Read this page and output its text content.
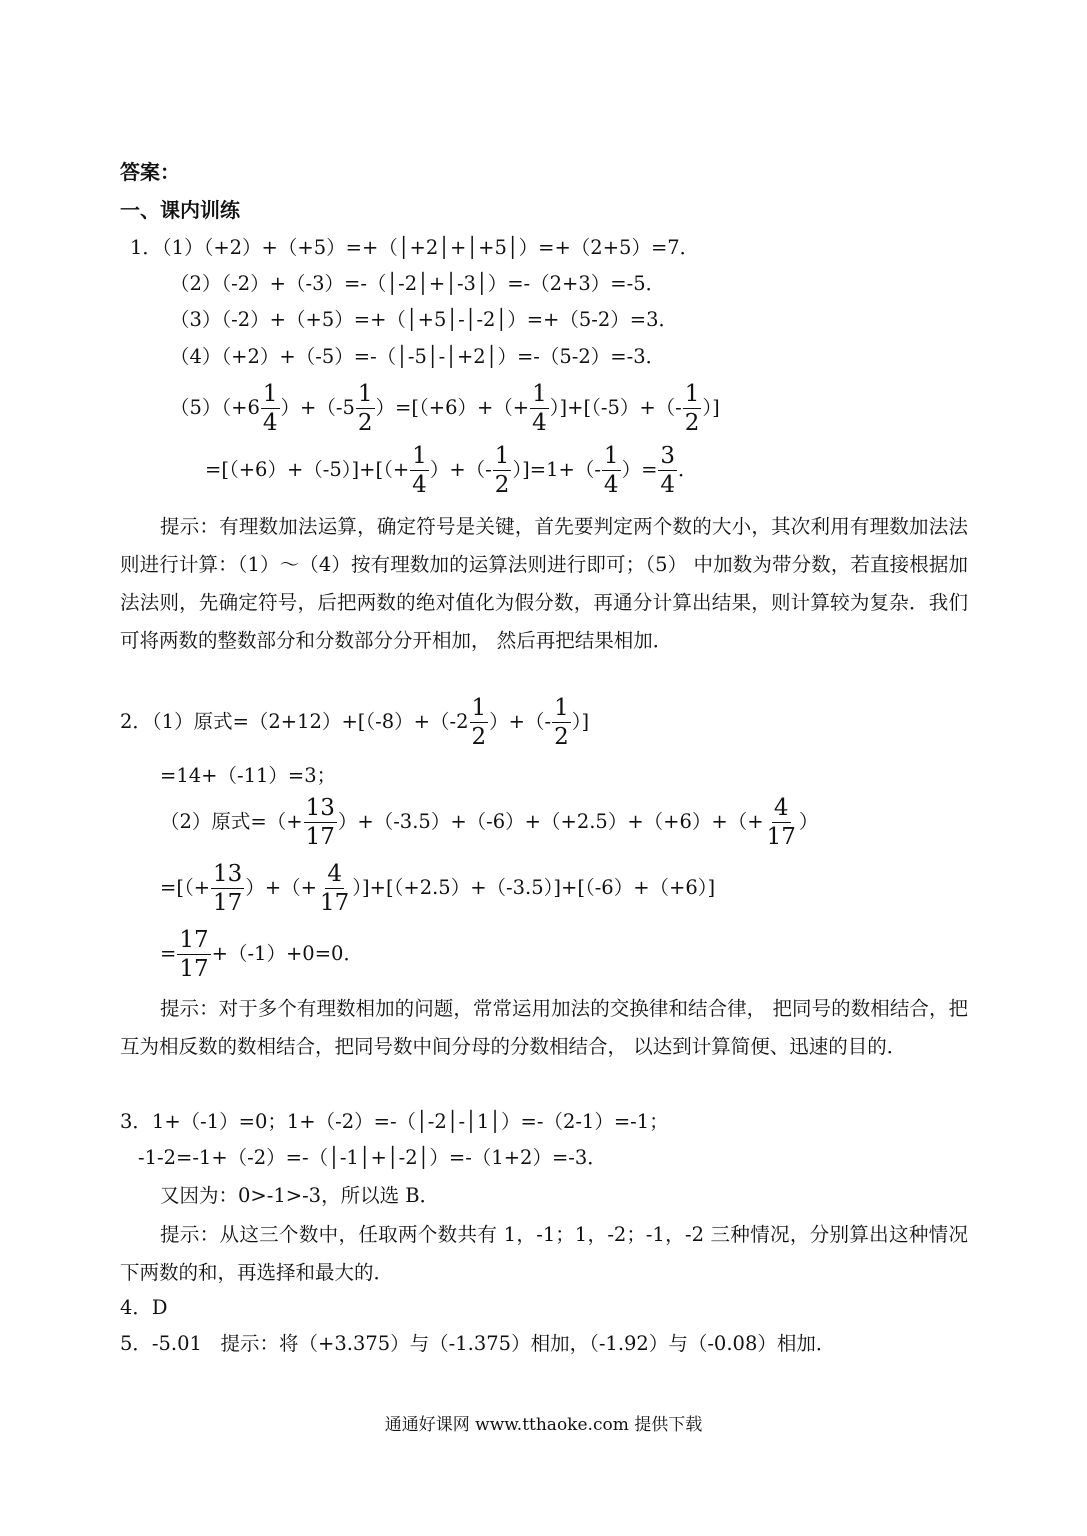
答案：
一、课内训练
1．（1）（+2）+（+5）=+（│+2│+│+5│）=+（2+5）=7．
（2）（-2）+（-3）=-（│-2│+│-3│）=-（2+3）=-5．
（3）（-2）+（+5）=+（│+5│-│-2│）=+（5-2）=3．
（4）（+2）+（-5）=-（│-5│-│+2│）=-（5-2）=-3．
$(5)(+6 \frac{1}{4} )+(-5 \frac{1}{2} )=[(+6)+(+ \frac{1}{4} )]+[(-5)+(- \frac{1}{2}$ ）]
$=[(+6)+(-5)]+[(+ \frac{1}{4}$ ）+（- $\frac{1}{2} )]=1+(- \frac{1}{4}$ ）= $\frac{3}{4}$ ．
提示：有理数加法运算，确定符号是关键，首先要判定两个数的大小，其次利用有理数加法法则进行计算：（1）～（4）按有理数加的运算法则进行即可；（5） 中加数为带分数，若直接根据加法法则，先确定符号，后把两数的绝对值化为假分数，再通分计算出结果，则计算较为复杂．我们可将两数的整数部分和分数部分分开相加， 然后再把结果相加．
2．（1）原式$=(2+12)+[(-8)+(-2 \frac{1}{2}$ ）+（- $\frac{1}{2}$ ）]
=14+（-11）=3；
（2）原式=（+ $\frac{13}{17} )+(-3.5)+(-6)+(+2.5)+(+6)+(+ \frac{4}{17}$ ）
=[（+ $\frac{13}{17}$ ）+（+ $\frac{4}{17} )]+[(+2.5)+(-3.5)]+[(-6)+(+6)]$
= $\frac{17}{17} +(-1)+0=0$．
提示：对于多个有理数相加的问题，常常运用加法的交换律和结合律， 把同号的数相结合，把互为相反数的数相结合，把同号数中间分母的分数相结合， 以达到计算简便、迅速的目的．
3．1+（-1）=0；1+（-2）=-（│-2│-│1│）=-（2-1）=-1；
-1-2=-1+（-2）=-（│-1│+│-2│）=-（1+2）=-3．
又因为：0>-1>-3，所以选 B．
提示：从这三个数中，任取两个数共有 1，-1；1，-2；-1，-2 三种情况，分别算出这种情况下两数的和，再选择和最大的．
4．D
5．-5.01   提示：将（+3.375）与（-1.375）相加，（-1.92）与（-0.08）相加．
通通好课网 www.tthaoke.com 提供下载
